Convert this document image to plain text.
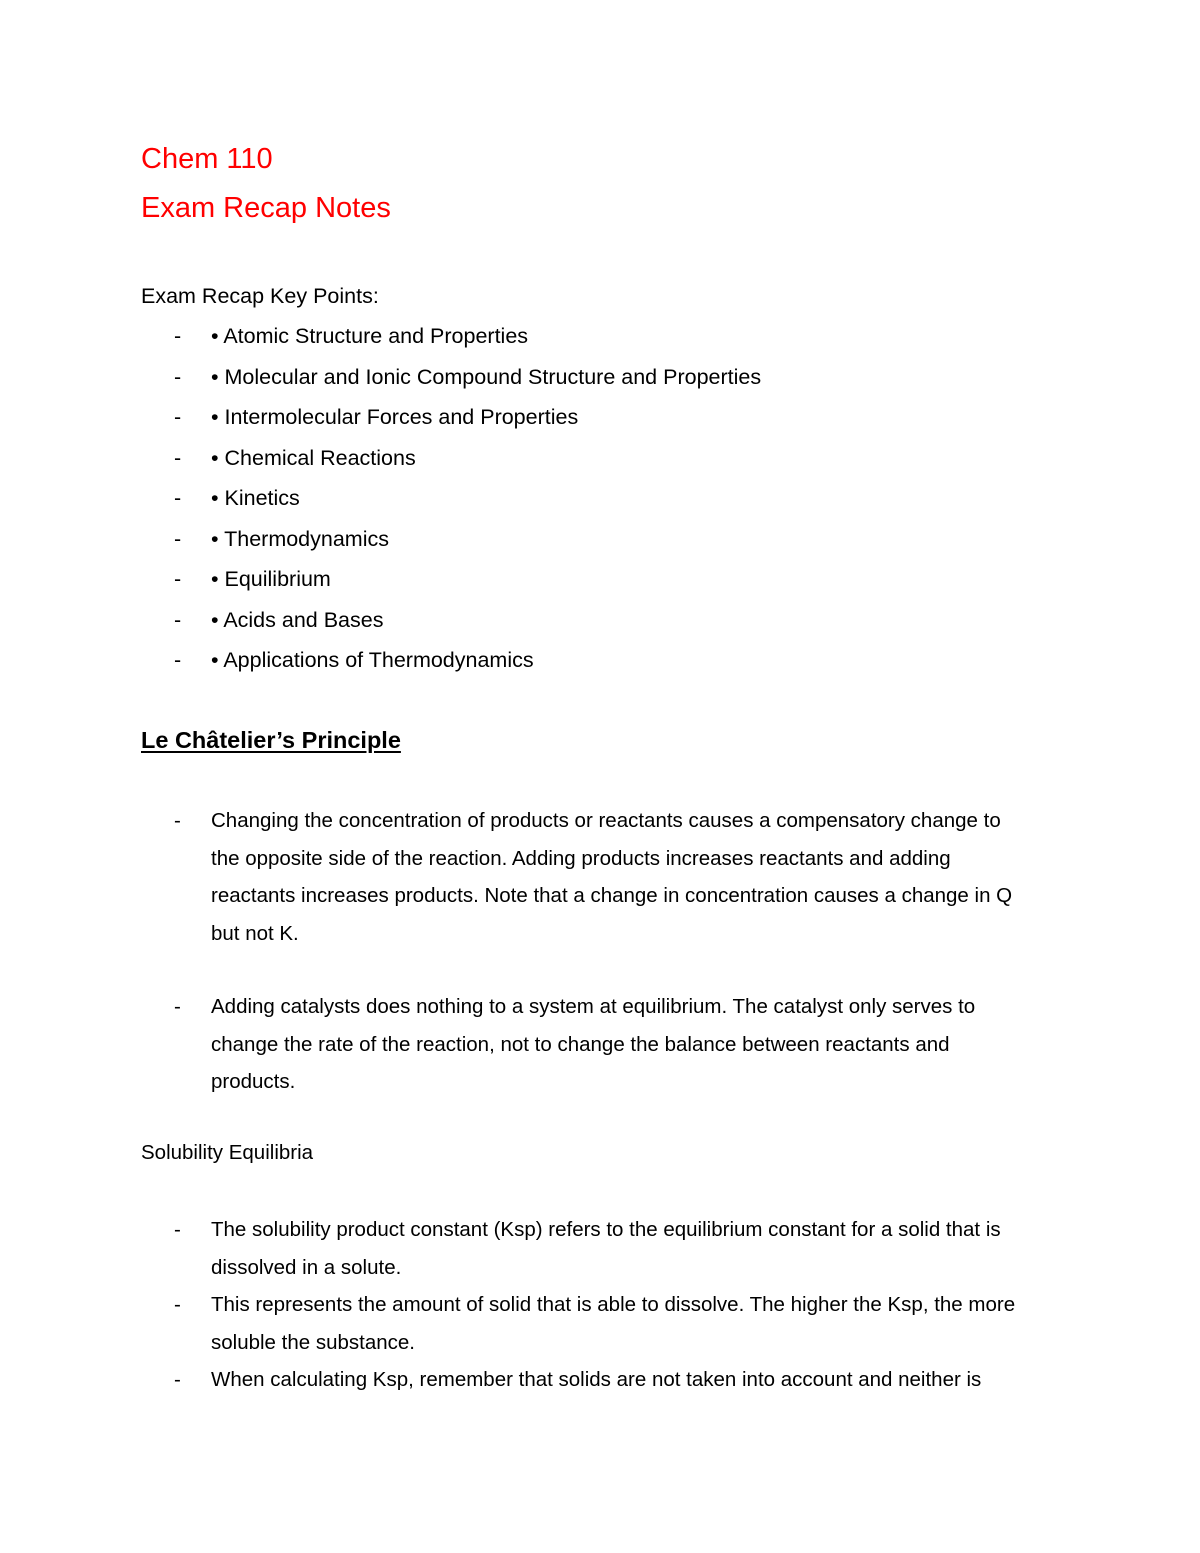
Chem 110
Exam Recap Notes
Exam Recap Key Points:
- • Atomic Structure and Properties
- • Molecular and Ionic Compound Structure and Properties
- • Intermolecular Forces and Properties
- • Chemical Reactions
- • Kinetics
- • Thermodynamics
- • Equilibrium
- • Acids and Bases
- • Applications of Thermodynamics
Le Châtelier’s Principle
- Changing the concentration of products or reactants causes a compensatory change to
the opposite side of the reaction. Adding products increases reactants and adding
reactants increases products. Note that a change in concentration causes a change in Q
but not K.
- Adding catalysts does nothing to a system at equilibrium. The catalyst only serves to
change the rate of the reaction, not to change the balance between reactants and
products.
Solubility Equilibria
- The solubility product constant (Ksp) refers to the equilibrium constant for a solid that is
dissolved in a solute.
- This represents the amount of solid that is able to dissolve. The higher the Ksp, the more
soluble the substance.
- When calculating Ksp, remember that solids are not taken into account and neither is
